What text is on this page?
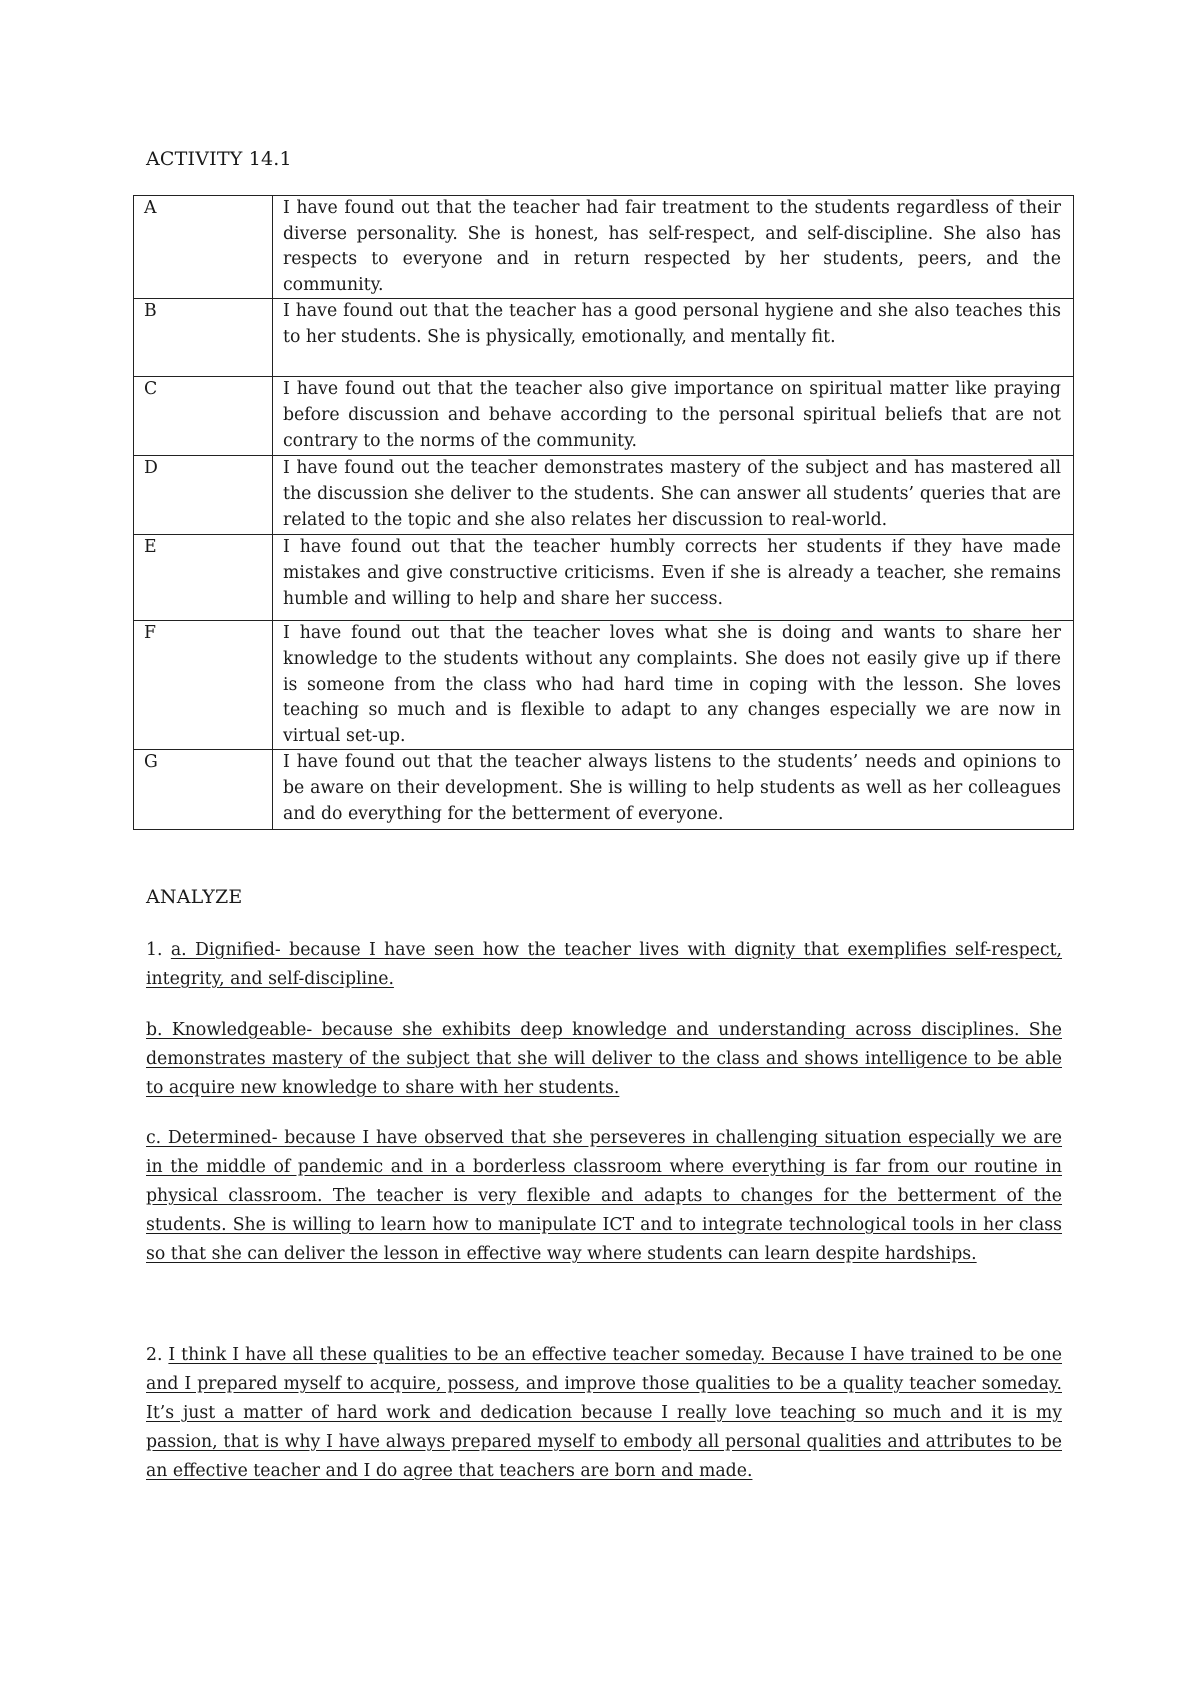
ACTIVITY 14.1
A	I have found out that the teacher had fair treatment to the students regardless of their diverse personality. She is honest, has self-respect, and self-discipline. She also has respects to everyone and in return respected by her students, peers, and the community.
B	I have found out that the teacher has a good personal hygiene and she also teaches this to her students. She is physically, emotionally, and mentally fit.
C	I have found out that the teacher also give importance on spiritual matter like praying before discussion and behave according to the personal spiritual beliefs that are not contrary to the norms of the community.
D	I have found out the teacher demonstrates mastery of the subject and has mastered all the discussion she deliver to the students. She can answer all students’ queries that are related to the topic and she also relates her discussion to real-world.
E	I have found out that the teacher humbly corrects her students if they have made mistakes and give constructive criticisms. Even if she is already a teacher, she remains humble and willing to help and share her success.
F	I have found out that the teacher loves what she is doing and wants to share her knowledge to the students without any complaints. She does not easily give up if there is someone from the class who had hard time in coping with the lesson. She loves teaching so much and is flexible to adapt to any changes especially we are now in virtual set-up.
G	I have found out that the teacher always listens to the students’ needs and opinions to be aware on their development. She is willing to help students as well as her colleagues and do everything for the betterment of everyone.
ANALYZE

1. a. Dignified- because I have seen how the teacher lives with dignity that exemplifies self-respect, integrity, and self-discipline.

b. Knowledgeable- because she exhibits deep knowledge and understanding across disciplines. She demonstrates mastery of the subject that she will deliver to the class and shows intelligence to be able to acquire new knowledge to share with her students.

c. Determined- because I have observed that she perseveres in challenging situation especially we are in the middle of pandemic and in a borderless classroom where everything is far from our routine in physical classroom. The teacher is very flexible and adapts to changes for the betterment of the students. She is willing to learn how to manipulate ICT and to integrate technological tools in her class so that she can deliver the lesson in effective way where students can learn despite hardships.

2. I think I have all these qualities to be an effective teacher someday. Because I have trained to be one and I prepared myself to acquire, possess, and improve those qualities to be a quality teacher someday. It’s just a matter of hard work and dedication because I really love teaching so much and it is my passion, that is why I have always prepared myself to embody all personal qualities and attributes to be an effective teacher and I do agree that teachers are born and made.
